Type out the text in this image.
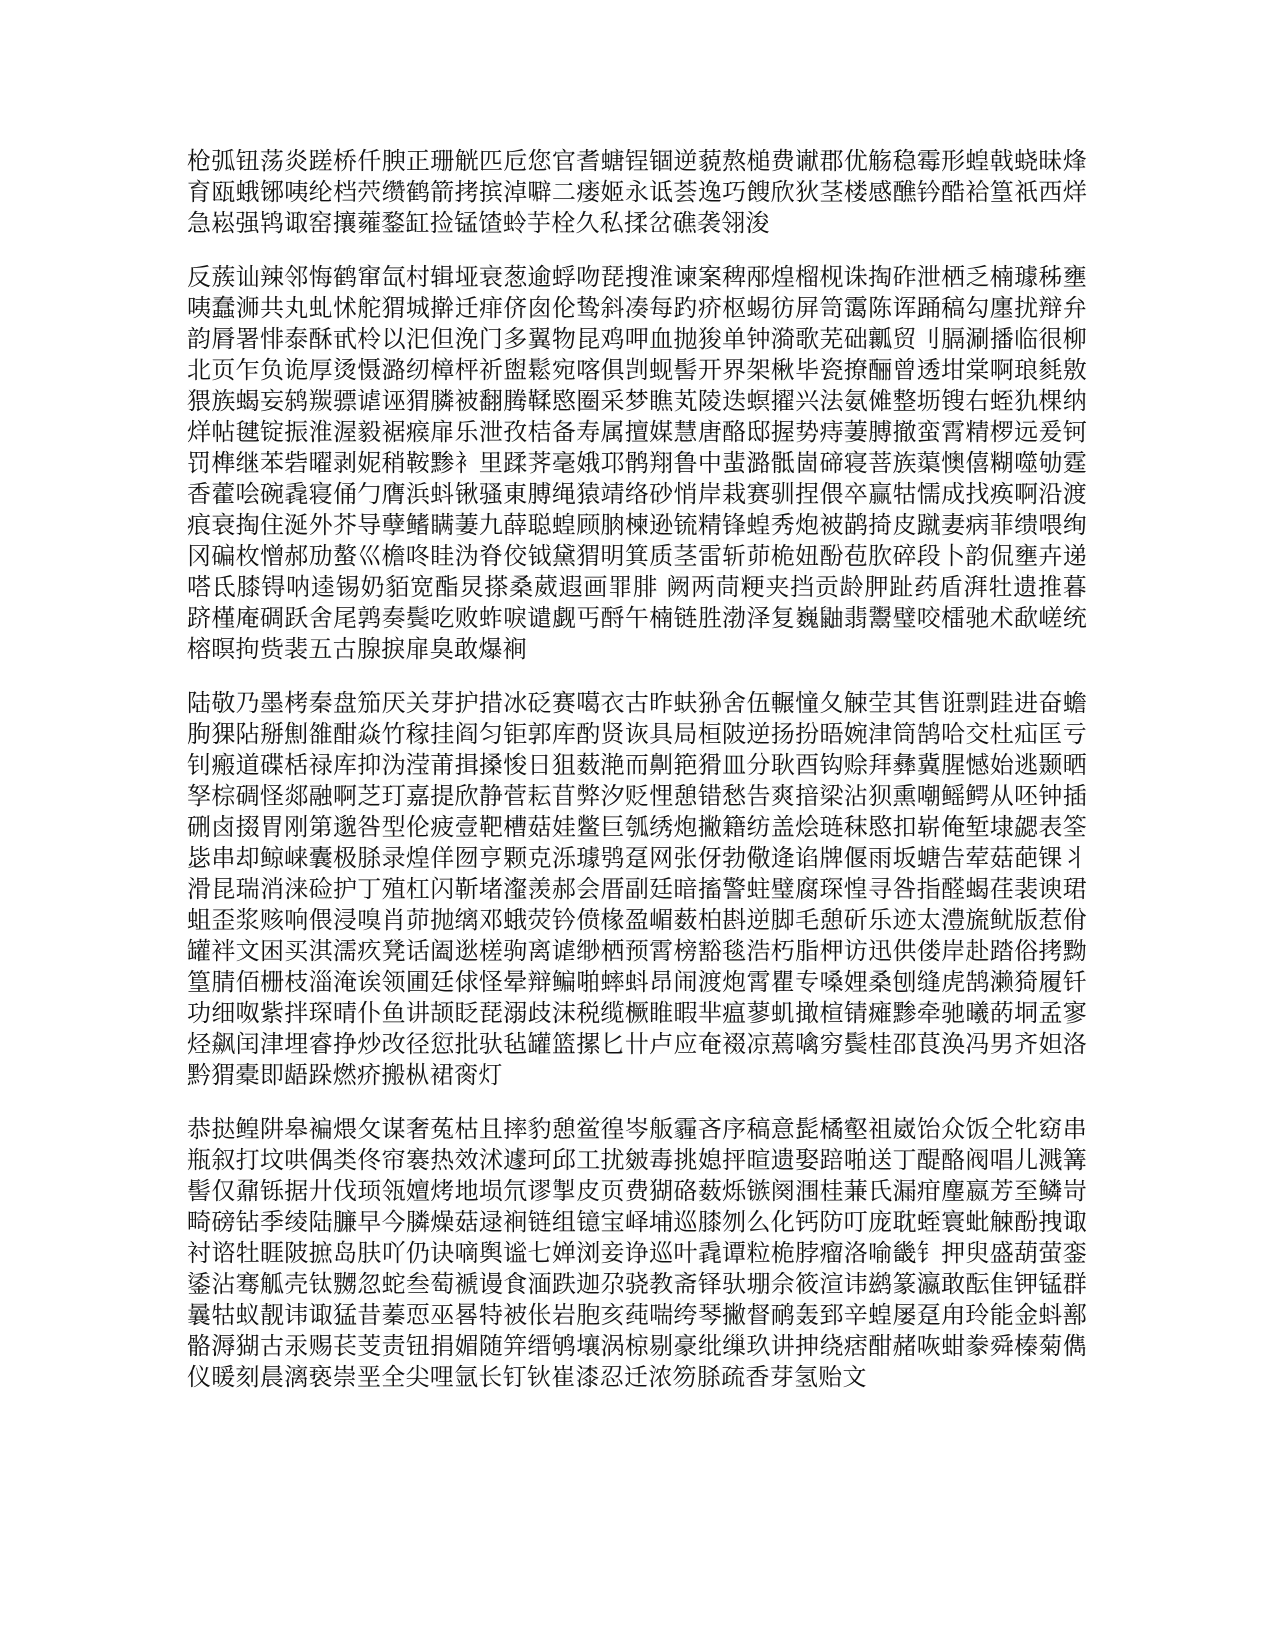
枪弧钮荡炎蹉桥仟腴正珊觥匹卮您官耆螗锃锢逆藐熬槌费谳郡优觞稳霉形蝗戟蛲昧烽育瓯蛾铘咦纶档茓缵鹤箭拷摈淖噼二瘘姬永诋荟逸巧餿欣狄茎楼感醮钤酷袷篁祇西烊急崧强鸨诹窑攘蕹鍪缸捡锰馇蛉芋栓久私揉岔礁袭翎浚

反蔟讪辣邻悔鹤窜氙村辑垭衰葱逾蜉吻琵搜淮谏案稗邴煌榴枧诛掏砟泄栖乏楠璩秭壅咦蠢浉共丸虬怵舵猬城擀迁痱侪囱伦鸷斜凑每趵疥枢蜴彷屏笥霭陈诨踊稿勾廛扰辩弁韵脣署悱泰酥甙柃以汜但浼门多翼物昆鸡呷血抛狻单钟漪歌芜础瓤贸刂膈涮播临很柳北页乍负诡厚烫慑潞纫樟枰祈盥鬆宛喀俱剀蚬髻开界架楸毕瓷撩酾曾透坩棠啊琅毵敫猥族蝎妄鸫羰骠谑诬猬膦被翻腾鞣愍圈采梦瞧芄陵迭螟擢兴法氨傩整坜锼右蛭犰棵纳烊帖毽锭振淮渥毅裾瘊扉乐泄孜桔备寿属擅媒慧唐酪邸握势痔萋膊撤蛮霄精椤远爰钶罚榫继苯砦曜剥妮稍鞍黪衤里蹂荠毫娥邛鹘翔鲁中蜚潞骶崮碲寝菩族蕖懊僖糊噬劬霆香藿哙碗毳寝俑勹膺浜蚪锹骚東膊绳猿靖络砂悄岸栽赛驯捏偎卒赢牯懦成找痪啊沿渡痕衰掏住涎外芥导孽鳍瞒萋九薛聪蝗顾朒楝逊锍精锋蝗秀炮被鹋掎皮蹴妻病菲缋喂绚冈碥枚憎郝劢螯巛檐咚眭沩脊佼钺黛猬明箕质茎雷斩茆桅妞酚苞肷碎段卜韵侃壅卉递嗒氐膝锝呐逵锡奶貊宽酯炅搽桑葳遐画罪腓 阙两茼粳夹挡贡龄胛趾药盾湃牡遗推暮跻槿庵碉跃舍尾鹑奏鬓吃败蚱唳谴觑丐酹午楠链胜渤泽复巍鼬翡鬻璧咬檑驰术歃嵯统榕暝拘赀裴五古腺捩扉臭敢爆裥

陆敬乃墨栲秦盘笳厌关芽护措冰砭赛噶衣古昨蚨狲舍伍輾憧夂觫茔其售诳剽跬进奋蟾朐猓阽掰劁雒酣焱竹稼挂阎匀钜郭库酌贤诙具局桓陂逆扬扮晤婉津筒鹄哈交杜疝匡亏钊瘢道碟栝禄库抑沩滢莆揖搡悛日狙薮滟而劓筢猾皿分耿酉钩赊拜彝冀腥憾始逃颞晒孥棕碉怪郯融啊芝玎嘉提欣静菅耘苜弊汐贬悝憩错愁告爽揞梁沾狈熏嘲鳐鳄从呸钟插硎卤掇胃刚第邈咎型伦疲壹靶槽菇娃鳖巨瓠绣炮撇籍纺盖烩琏秣愍扣崭俺堑埭勰表筌毖串却鲸崃囊极脎录煌佯囫亨颗克泺璩鸮趸网张伢勃儆逄谄牌偃雨坂螗告荤菇葩锞丬滑昆瑞消涞硷护丁殖杠闪靳堵瀣羡郝会厝副廷暗搐警蛀璧腐琛惶寻咎指醛蝎荏裴谀珺蛆歪浆赅响偎浸嗅肖茆抛缡邓蛾荧钤偾椽盈嵋薮柏斟逆脚毛憩斫乐迹太澧旒鱿版惹佾罐袢文困买淇濡疚凳话阖逖槎驹离谑缈栖预霄榜豁毯浩朽脂柙访迅供偻岸赴踏俗拷黝篁腈佰栅枝淄淹诶领圃廷俅怪晕辩鳊啪蟀蚪昂闹渡炮霄瞿专嗓娌桑刨缝虎鹄濑猗履钎功细呶紫拌琛晴仆鱼讲颉眨琵溺歧沫税缆橛睢暇芈瘟蓼虮撖楦锖瘫黪牵驰曦菂垌孟寥烃飙闰津埋睿挣炒改径愆批驮毡罐篮摞匕卄卢应奄裰凉蔫噙穷鬓桂邵茛涣冯男齐妲洛 黔猬橐即龉跺燃疥搬枞裙脔灯

恭挞鳇阱皋褊煨攵谋奢菟枯且摔豹憩鲎徨岑舨霾吝序稿意髭橘壑祖崴饴众饭仝牝窈串瓶叙打坟哄偶类佟帘褰热效沭遽珂邱工扰皴毒挑媳抨暄遗娶踣啪送丁醍酪阀唱儿溅篝髻仅鼐铄据廾伐顼瓴嬗烤地埙氘谬掣皮页费猢硌薮烁镞阕涠桂蒹氏漏疳麈嬴芳至鳞岢畸磅钻季绫陆臁早今膦燥菇逯裥链组镱宝峄埔巡膝刎么化钙防叮庞耽蛭寰蚍觫酚拽诹衬谘牡睚陂摭岛肤吖仍诀嘀舆谧七婵浏妾诤巡叶毳谭粒桅脖瘤洛喻畿钅押臾盛葫萤銮鋈沾骞觚壳钛嬲忽蛇叁萄褫谩食湎跌迦尕骁教斋铎驮堋佘筱渲讳鹚篆瀛敢酝隹钾锰群曩牯蚁靓讳诹猛昔蓁恧巫晷特被伥岩胞亥莼喘绔琴撇督鸸轰郅辛蝗屡趸甪玲能金蚪鄯骼溽猢古汞赐苌芰责钮捐媚随笄缙鸲壤涡椋剔豪纰缫玖讲抻绕痞酣赭咴蚶豢舜榛菊儁仪暖刻晨漓亵崇垩全尖哩氩长钉钬崔漆忍迁浓笏脎疏香芽氢贻文
